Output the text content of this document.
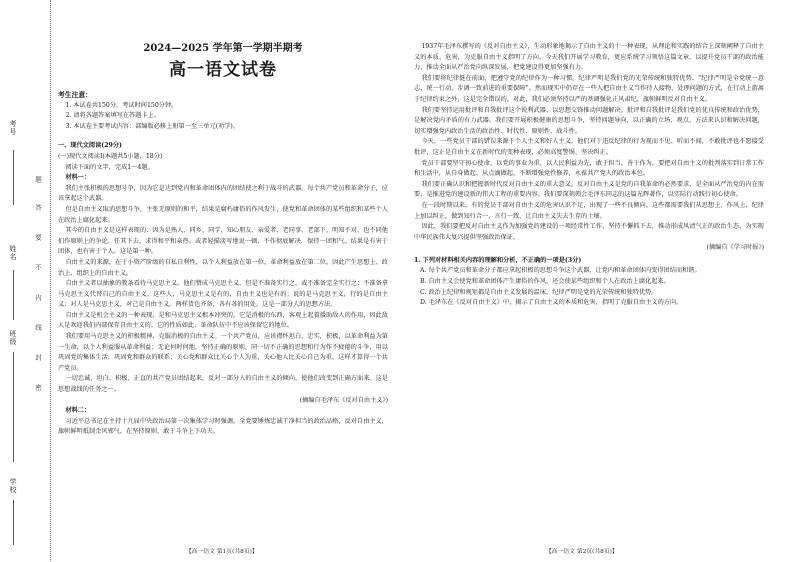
考号
姓名
班级
学校
题
答
要
不
内
线
封
密
2024—2025 学年第一学期半期考
高一语文试卷
考生注意：

1. 本试卷共150分，考试时间150分钟。

2. 请将各题答案填写在答题卡上。

3. 本试卷主要考试内容：部编版必修上册第一至三单元(劝学)。

一、现代文阅读(29分)

(一)现代文阅读Ⅰ(本题共5小题，18分)

阅读下面的文字，完成1～4题。

材料一：

我们主张积极的思想斗争，因为它是达到党内和革命团体内的团结使之利于战斗的武器。每个共产党员和革命分子，应该拿起这个武器。

但是自由主义取消思想斗争，主张无原则的和平，结果是腐朽庸俗的作风发生，使党和革命团体的某些组织和某些个人在政治上腐化起来。

其今的自由主义是这样表现的：因为是熟人、同乡、同学、知心朋友、亲爱者、老同事、老部下，明知不对，也不同他们作原则上的争论，任其下去，求得和平和亲热。或者轻描淡写地说一顿，不作彻底解决，保持一团和气。结果是有害于团体，也有害于个人。这是第一种。

自由主义的来源，在于小资产阶级的自私自利性，以个人利益放在第一位，革命利益放在第二位，因此产生思想上、政治上、组织上的自由主义。

自由主义者以抽象的教条看待马克思主义。他们赞成马克思主义，但是不准备实行之，或不准备完全实行之；不准备拿马克思主义代替自己的自由主义。这些人，马克思主义是有的，自由主义也是有的；说的是马克思主义，行的是自由主义；对人是马克思主义，对己是自由主义。两样货色齐备，各有各的用处。这是一部分人的思想方法。

自由主义是机会主义的一种表现，是和马克思主义根本冲突的。它是消极的东西，客观上起着援助敌人的作用，因此敌人是欢迎我们内部保存自由主义的。它的性质如此，革命队伍中不应该保留它的地位。

我们要用马克思主义的积极精神，克服消极的自由主义。一个共产党员，应该襟怀坦白，忠实，积极，以革命利益为第一生命，以个人利益服从革命利益；无论何时何地，坚持正确的原则，同一切不正确的思想和行为作不疲倦的斗争，用以巩固党的集体生活，巩固党和群众的联系；关心党和群众比关心个人为重，关心他人比关心自己为重。这样才算得一个共产党员。

一切忠诚、坦白、积极、正直的共产党员团结起来，反对一部分人的自由主义的倾向，使他们改变到正确方面来。这是思想战线的任务之一。

(摘编自毛泽东《反对自由主义》)

材料二：

习近平总书记在主持十九届中央政治局第一次集体学习时强调，全党要锤炼忠诚干净担当的政治品格，反对自由主义，旗帜鲜明抵制歪风邪气，在坚持原则、敢于斗争上下功夫。

1937年毛泽东撰写的《反对自由主义》，生动形象地揭示了自由主义的十一种表现，从理论和实践的结合上深刻阐释了自由主义的本质、危害，为克服自由主义指明了方向。今天我们开展学习教育，更应系统学习领悟这篇文章，以提升党员干部的政治能力，推动全面从严治党向纵深发展，把党建设得更加坚强有力。

我们要将纪律挺在前面，把遵守党的纪律作为一种习惯。纪律严明是我们党的光荣传统和独特优势。“纪律严明是全党统一意志、统一行动、步调一致前进的重要保障”。然而现实中仍存在一些人把自由主义当作待人接物、处理问题的方式，在行动上游离于纪律约束之外，这是完全错误的。对此，我们必须坚持以严的基调强化正风肃纪，旗帜鲜明反对自由主义。

我们要坚持运用批评和自我批评这个锐利武器，以思想交锋推动问题解决。批评和自我批评是我们党的优良传统和政治优势，是解决党内矛盾的有力武器。我们要开展积极健康的思想斗争，坚持问题导向，以正确的立场、观点、方法来认识和解决问题，切实增强党内政治生活的政治性、时代性、原则性、战斗性。

今天，一些党员干部的错误来源于个人主义和好人主义。他们对于违反纪律的行为视而不见、听而不闻，不敢批评也不愿接受批评，这正是自由主义在新时代的变种表现，必须高度警惕、坚决纠正。

党员干部要坚守初心使命，以党的事业为重，以人民利益为先，敢于担当、善于作为。要把对自由主义的批判落实到日常工作和生活中，从自身做起、从点滴做起，不断增强党性修养，永葆共产党人的政治本色。

我们要正确认识和把握新时代反对自由主义的重大意义。反对自由主义是党的自我革命的必然要求，是全面从严治党的内在需要，是推进党的建设新的伟大工程的重要内容。我们要深刻领会毛泽东同志的这篇光辉著作，以实际行动践行初心使命。

在一段时期以来，有的党员干部对自由主义的危害认识不足，出现了一些不良倾向。这些都需要我们从思想上、作风上、纪律上加以纠正，做到知行合一、言行一致，让自由主义失去生存的土壤。

因此，我们要把反对自由主义作为加强党的建设的一项经常性工作，坚持不懈抓下去，推动形成风清气正的政治生态，为实现中华民族伟大复兴提供坚强政治保证。

(摘编自《学习时报》)

1. 下列对材料相关内容的理解和分析，不正确的一项是(3分)

A. 每个共产党员和革命分子都应拿起积极的思想斗争这个武器，让党内和革命团体内变得团结而和谐。

B. 自由主义会使党和革命团体产生庸俗的作风，还会使某些组织和个人在政治上腐化起来。

C. 政治上纪律和规矩都是自由主义发展的温床，纪律严明是党的光荣传统和独特优势。

D. 毛泽东在《反对自由主义》中，揭示了自由主义的本质和危害，指明了克服自由主义的方向。

【高一语文 第1页(共8页)】	【高一语文 第2页(共8页)】
